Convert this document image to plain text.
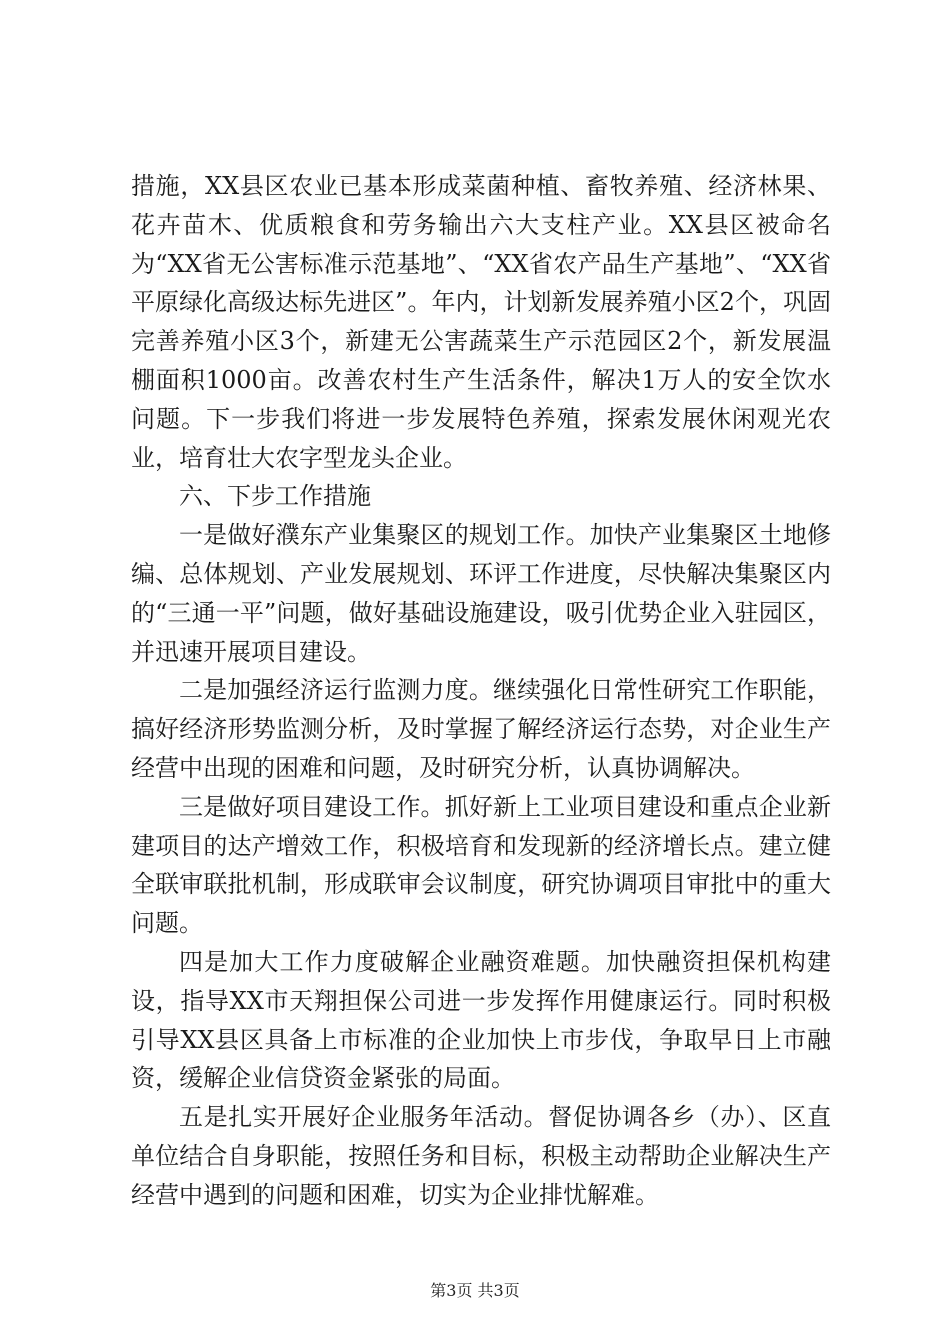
措施，XX县区农业已基本形成菜菌种植、畜牧养殖、经济林果、花卉苗木、优质粮食和劳务输出六大支柱产业。XX县区被命名为“XX省无公害标准示范基地”、“XX省农产品生产基地”、“XX省平原绿化高级达标先进区”。年内，计划新发展养殖小区2个，巩固完善养殖小区3个，新建无公害蔬菜生产示范园区2个，新发展温棚面积1000亩。改善农村生产生活条件，解决1万人的安全饮水问题。下一步我们将进一步发展特色养殖，探索发展休闲观光农业，培育壮大农字型龙头企业。

六、下步工作措施

一是做好濮东产业集聚区的规划工作。加快产业集聚区土地修编、总体规划、产业发展规划、环评工作进度，尽快解决集聚区内的“三通一平”问题，做好基础设施建设，吸引优势企业入驻园区，并迅速开展项目建设。

二是加强经济运行监测力度。继续强化日常性研究工作职能，搞好经济形势监测分析，及时掌握了解经济运行态势，对企业生产经营中出现的困难和问题，及时研究分析，认真协调解决。

三是做好项目建设工作。抓好新上工业项目建设和重点企业新建项目的达产增效工作，积极培育和发现新的经济增长点。建立健全联审联批机制，形成联审会议制度，研究协调项目审批中的重大问题。

四是加大工作力度破解企业融资难题。加快融资担保机构建设，指导XX市天翔担保公司进一步发挥作用健康运行。同时积极引导XX县区具备上市标准的企业加快上市步伐，争取早日上市融资，缓解企业信贷资金紧张的局面。

五是扎实开展好企业服务年活动。督促协调各乡（办）、区直单位结合自身职能，按照任务和目标，积极主动帮助企业解决生产经营中遇到的问题和困难，切实为企业排忧解难。

第3页 共3页
